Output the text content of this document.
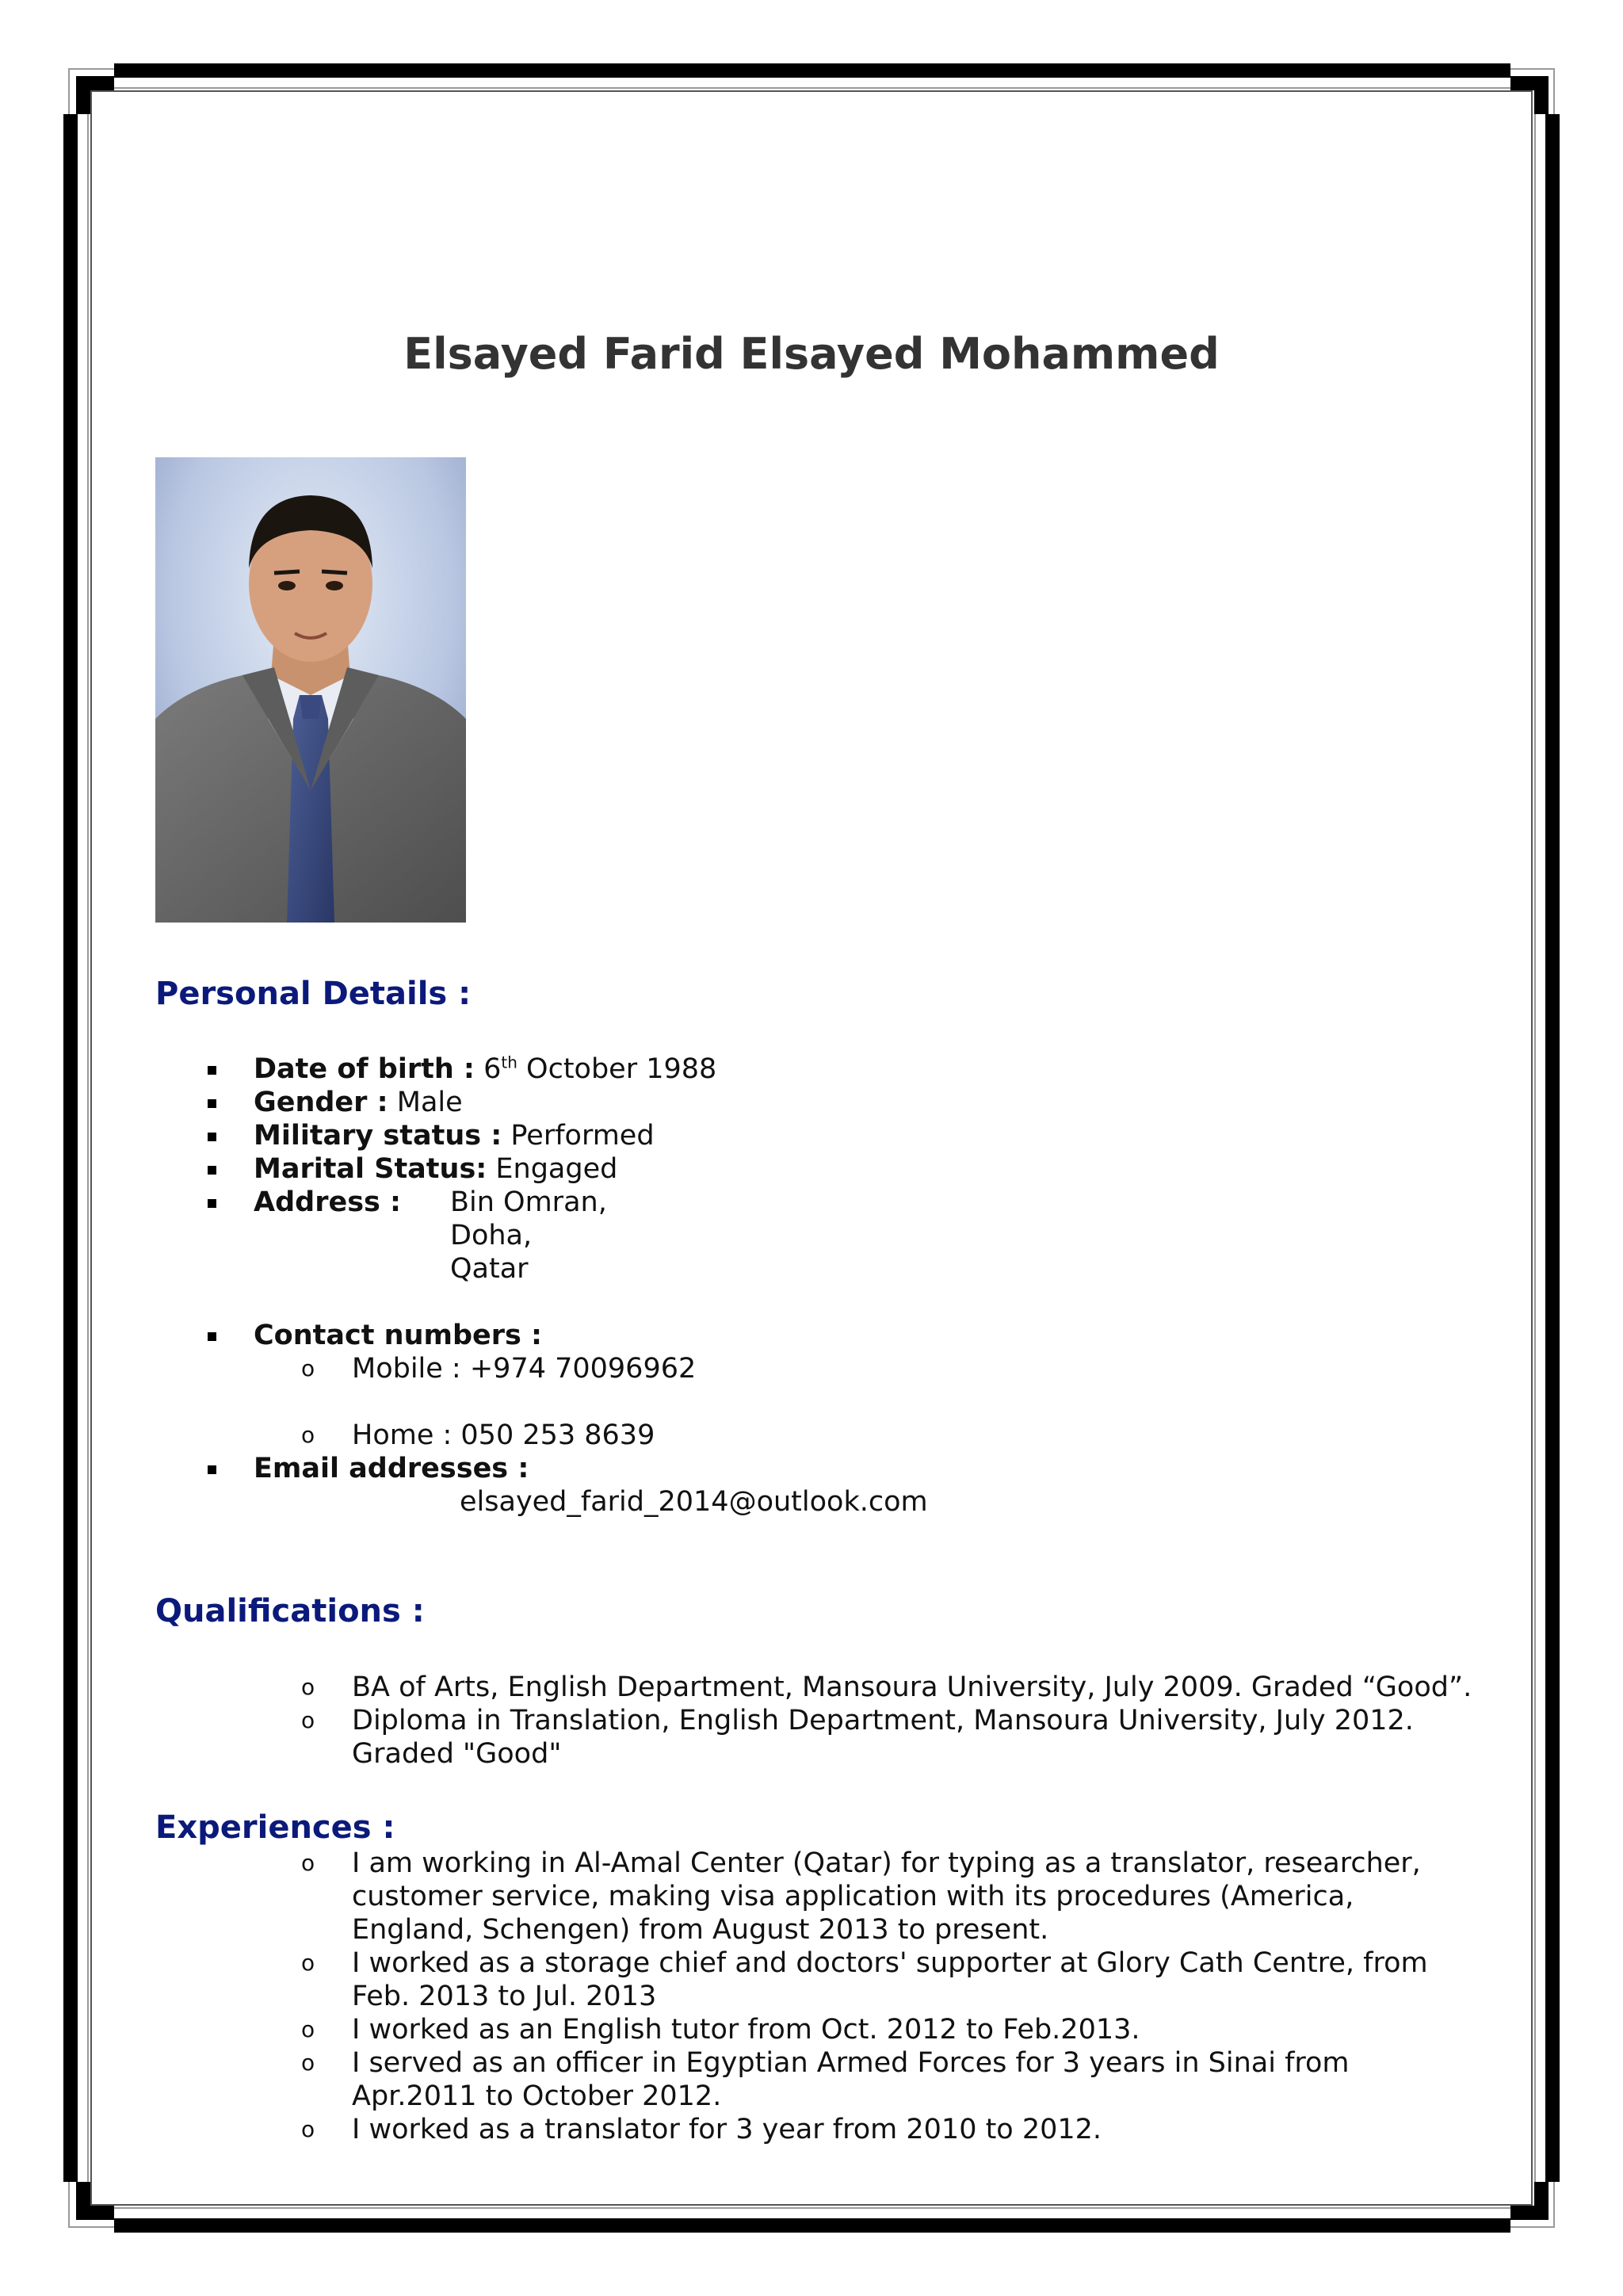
Elsayed Farid Elsayed Mohammed
Personal Details :
Date of birth : 6th October 1988
Gender : Male
Military status : Performed
Marital Status: Engaged
Address : Bin Omran,
Doha,
Qatar
Contact numbers :
o Mobile : +974 70096962
o Home : 050 253 8639
Email addresses :
elsayed_farid_2014@outlook.com
Qualifications :
o BA of Arts, English Department, Mansoura University, July 2009. Graded “Good”.
o Diploma in Translation, English Department, Mansoura University, July 2012.
Graded "Good"
Experiences :
o I am working in Al-Amal Center (Qatar) for typing as a translator, researcher,
customer service, making visa application with its procedures (America,
England, Schengen) from August 2013 to present.
o I worked as a storage chief and doctors' supporter at Glory Cath Centre, from
Feb. 2013 to Jul. 2013
o I worked as an English tutor from Oct. 2012 to Feb.2013.
o I served as an officer in Egyptian Armed Forces for 3 years in Sinai from
Apr.2011 to October 2012.
o I worked as a translator for 3 year from 2010 to 2012.
